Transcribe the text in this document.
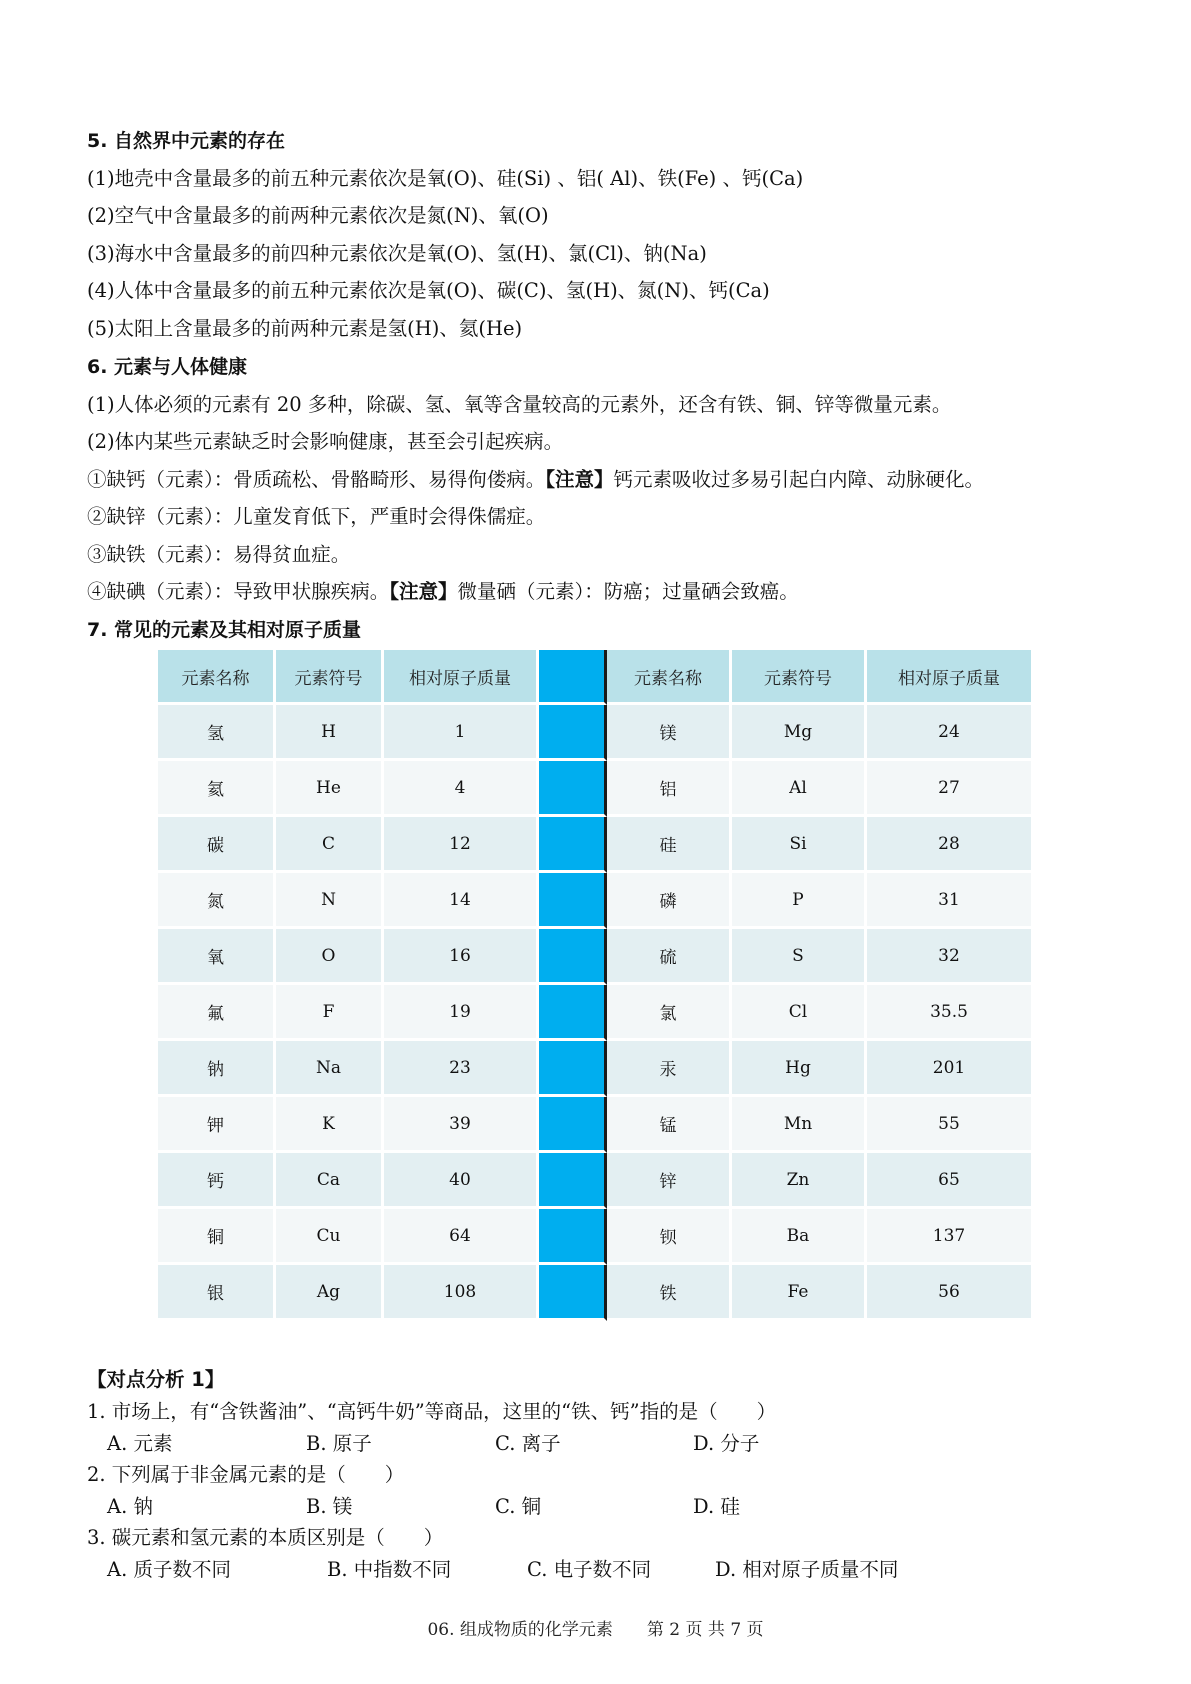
5. 自然界中元素的存在
(1)地壳中含量最多的前五种元素依次是氧(O)、硅(Si) 、铝( Al)、铁(Fe) 、钙(Ca)
(2)空气中含量最多的前两种元素依次是氮(N)、氧(O)
(3)海水中含量最多的前四种元素依次是氧(O)、氢(H)、氯(Cl)、钠(Na)
(4)人体中含量最多的前五种元素依次是氧(O)、碳(C)、氢(H)、氮(N)、钙(Ca)
(5)太阳上含量最多的前两种元素是氢(H)、氦(He)
6. 元素与人体健康
(1)人体必须的元素有 20 多种，除碳、氢、氧等含量较高的元素外，还含有铁、铜、锌等微量元素。
(2)体内某些元素缺乏时会影响健康，甚至会引起疾病。
①缺钙（元素）：骨质疏松、骨骼畸形、易得佝偻病。【注意】钙元素吸收过多易引起白内障、动脉硬化。
②缺锌（元素）：儿童发育低下，严重时会得侏儒症。
③缺铁（元素）：易得贫血症。
④缺碘（元素）：导致甲状腺疾病。【注意】微量硒（元素）：防癌；过量硒会致癌。
7. 常见的元素及其相对原子质量
元素名称	元素符号	相对原子质量		元素名称	元素符号	相对原子质量
氢	H	1		镁	Mg	24
氦	He	4		铝	Al	27
碳	C	12		硅	Si	28
氮	N	14		磷	P	31
氧	O	16		硫	S	32
氟	F	19		氯	Cl	35.5
钠	Na	23		汞	Hg	201
钾	K	39		锰	Mn	55
钙	Ca	40		锌	Zn	65
铜	Cu	64		钡	Ba	137
银	Ag	108		铁	Fe	56
【对点分析 1】
1. 市场上，有“含铁酱油”、“高钙牛奶”等商品，这里的“铁、钙”指的是（　　）
A. 元素	B. 原子	C. 离子	D. 分子
2. 下列属于非金属元素的是（　　）
A. 钠	B. 镁	C. 铜	D. 硅
3. 碳元素和氢元素的本质区别是（　　）
A. 质子数不同	B. 中指数不同	C. 电子数不同	D. 相对原子质量不同
06. 组成物质的化学元素　　第 2 页 共 7 页
